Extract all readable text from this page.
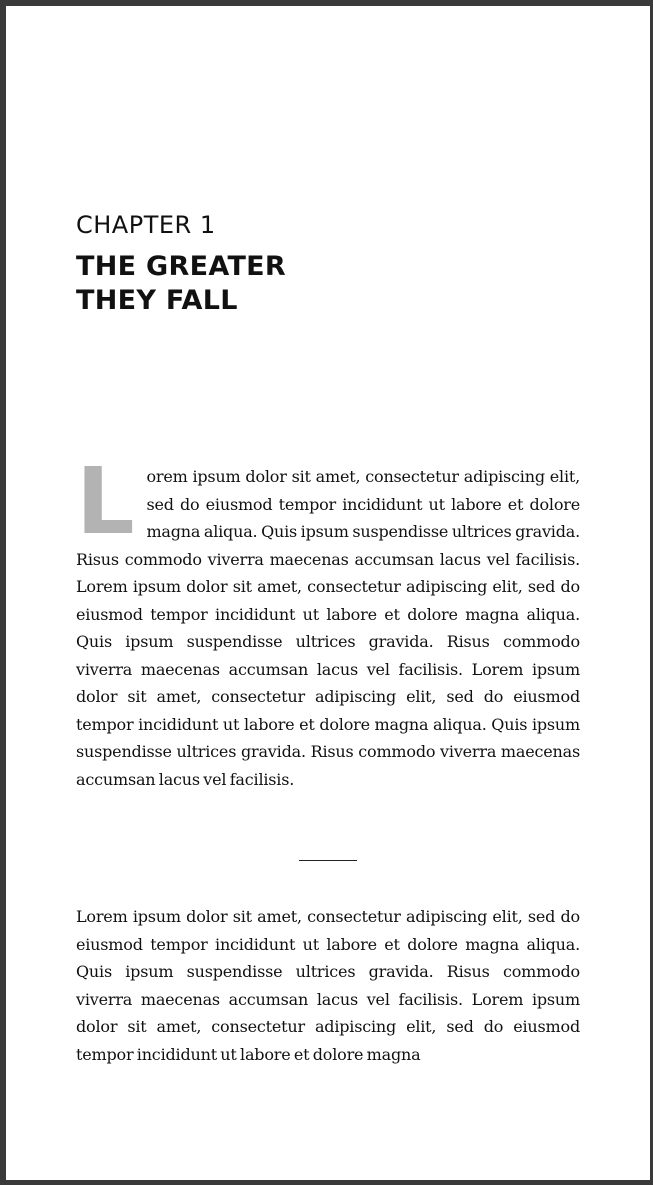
CHAPTER 1
THE GREATER
THEY FALL

Lorem ipsum dolor sit amet, consectetur adipiscing elit, sed do eiusmod tempor incididunt ut labore et dolore magna aliqua. Quis ipsum suspendisse ultrices gravida. Risus commodo viverra maecenas accumsan lacus vel facilisis. Lorem ipsum dolor sit amet, consectetur adipiscing elit, sed do eiusmod tempor incididunt ut labore et dolore magna aliqua. Quis ipsum suspendisse ultrices gravida. Risus commodo viverra maecenas accumsan lacus vel facilisis. Lorem ipsum dolor sit amet, consectetur adipiscing elit, sed do eiusmod tempor incididunt ut labore et dolore magna aliqua. Quis ipsum suspendisse ultrices gravida. Risus commodo viverra maecenas accumsan lacus vel facilisis.

Lorem ipsum dolor sit amet, consectetur adipiscing elit, sed do eiusmod tempor incididunt ut labore et dolore magna aliqua. Quis ipsum suspendisse ultrices gravida. Risus commodo viverra maecenas accumsan lacus vel facilisis. Lorem ipsum dolor sit amet, consectetur adipiscing elit, sed do eiusmod tempor incididunt ut labore et dolore magna
